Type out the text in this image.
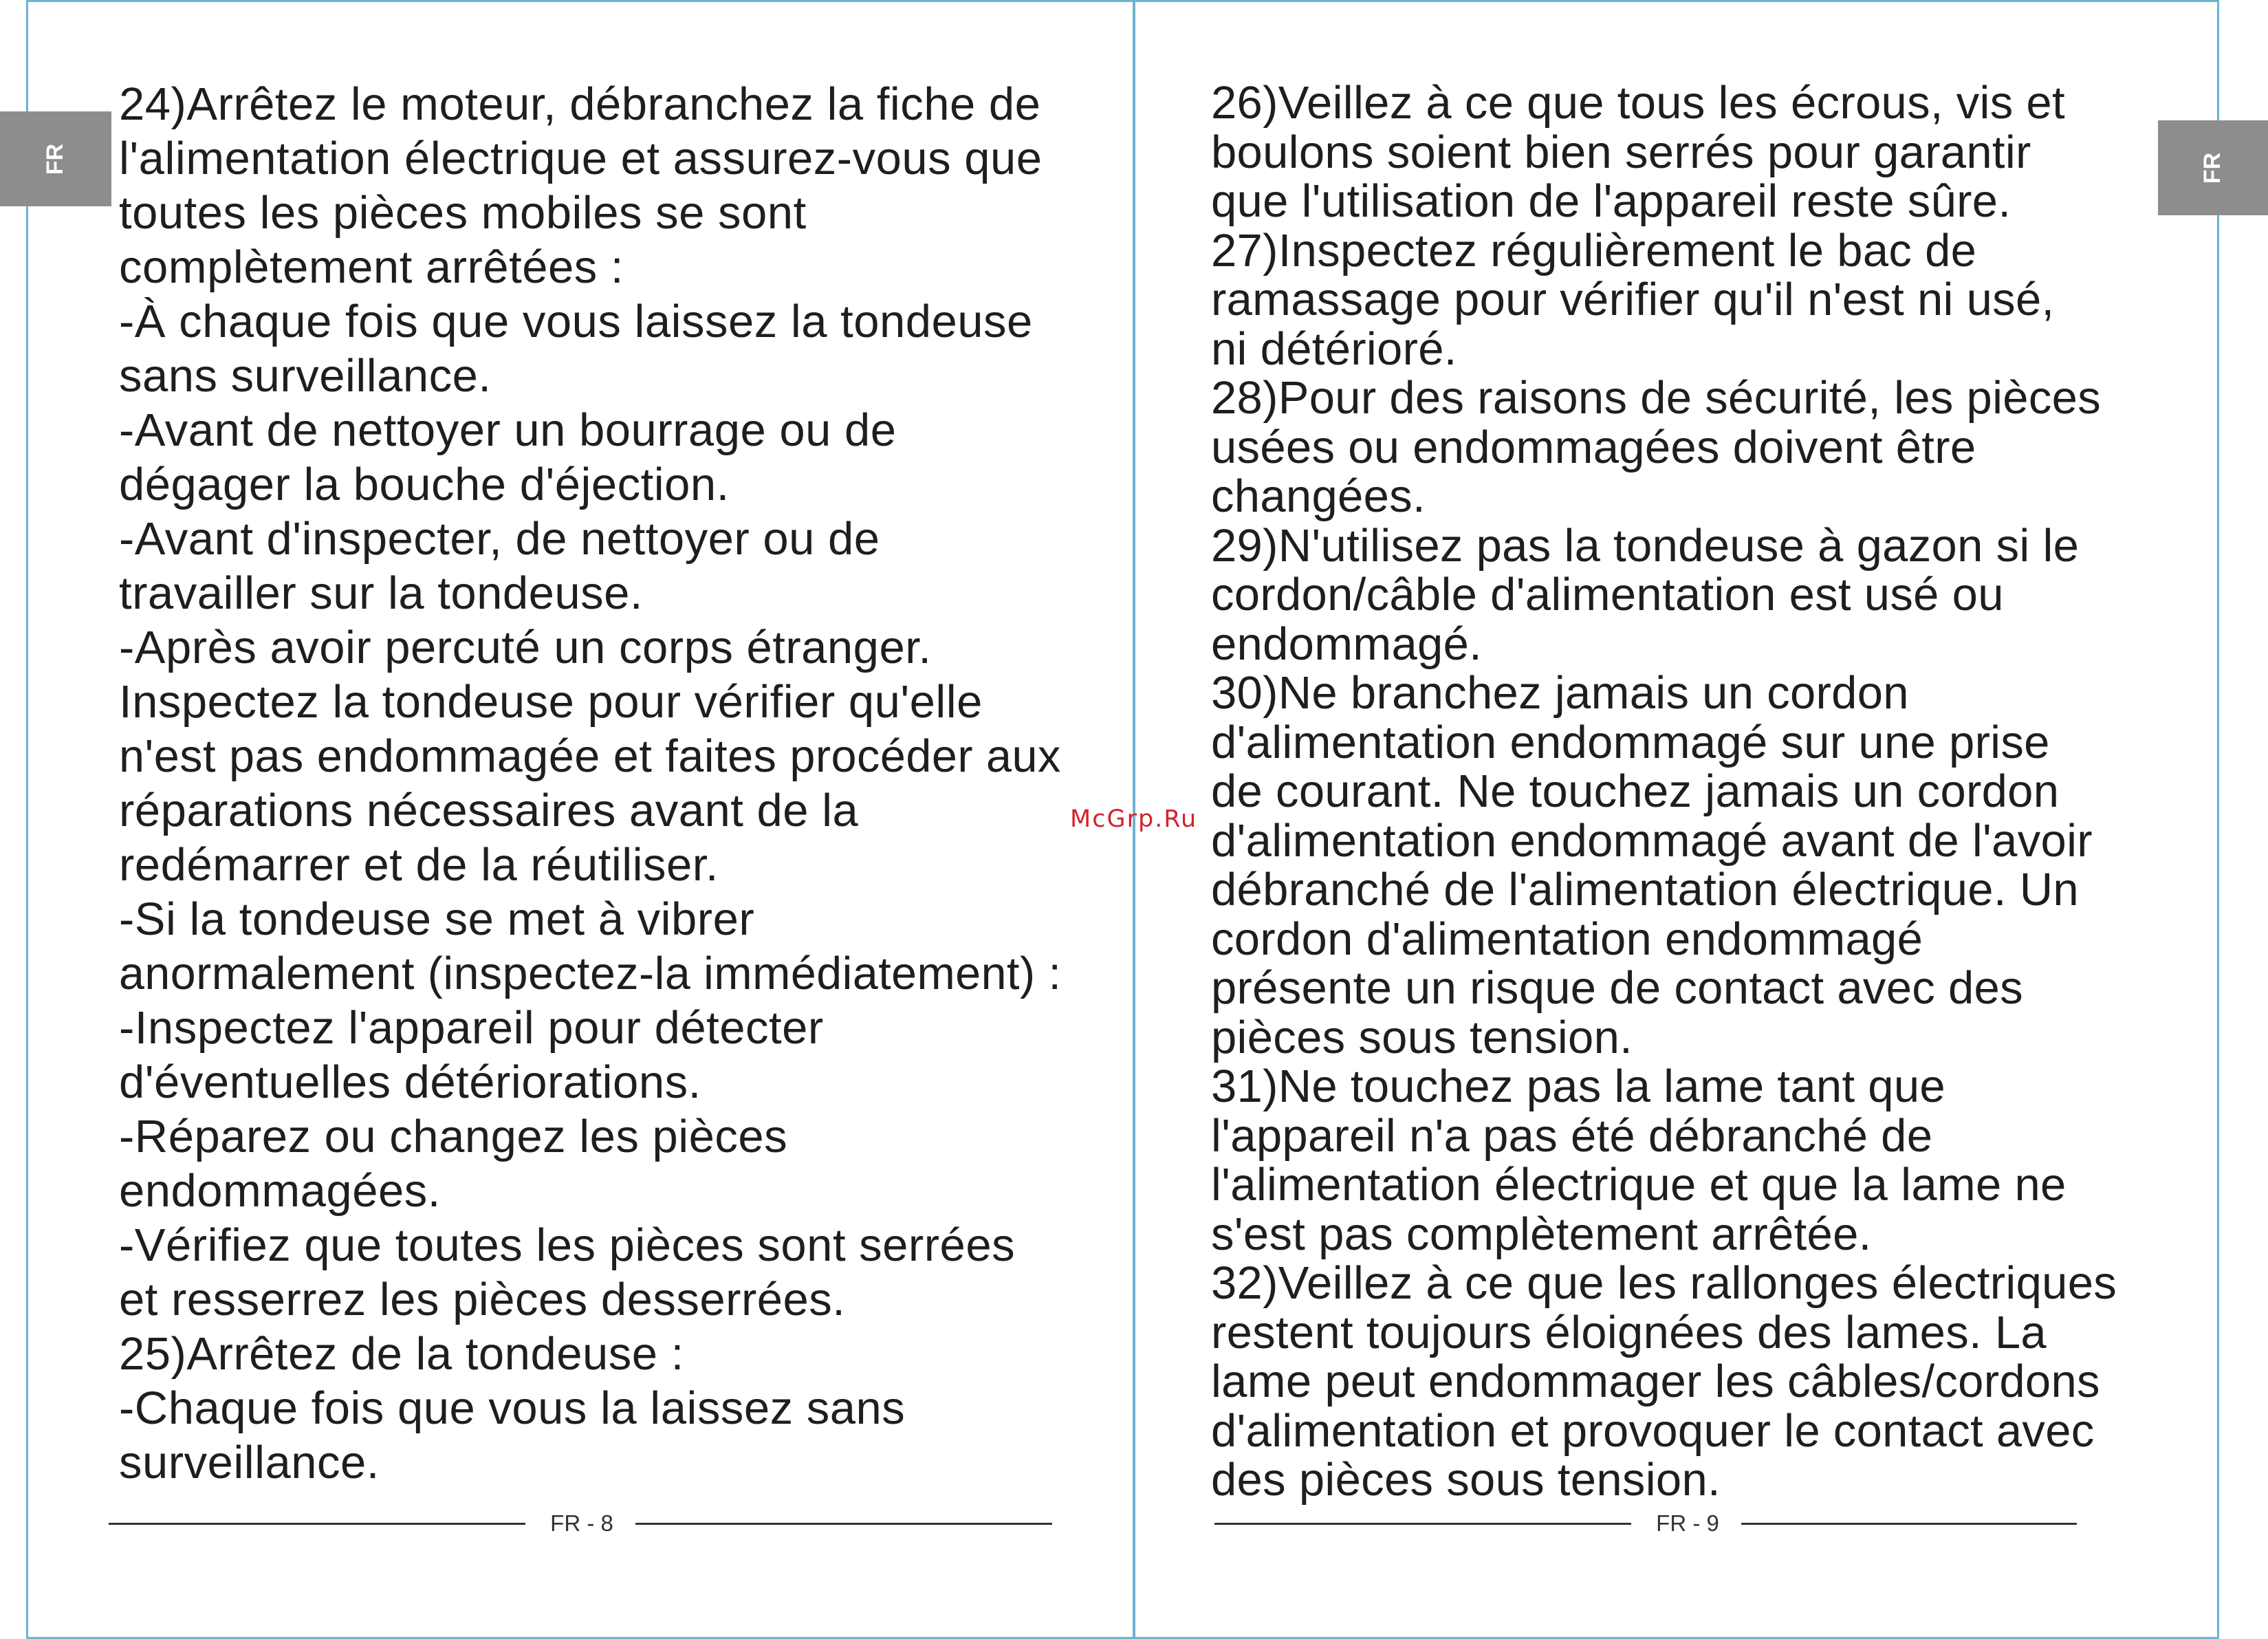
FR
24)Arrêtez le moteur, débranchez la fiche de
l'alimentation électrique et assurez-vous que
toutes les pièces mobiles se sont
complètement arrêtées :
-À chaque fois que vous laissez la tondeuse
sans surveillance.
-Avant de nettoyer un bourrage ou de
dégager la bouche d'éjection.
-Avant d'inspecter, de nettoyer ou de
travailler sur la tondeuse.
-Après avoir percuté un corps étranger.
Inspectez la tondeuse pour vérifier qu'elle
n'est pas endommagée et faites procéder aux
réparations nécessaires avant de la
redémarrer et de la réutiliser.
-Si la tondeuse se met à vibrer
anormalement (inspectez-la immédiatement) :
-Inspectez l'appareil pour détecter
d'éventuelles détériorations.
-Réparez ou changez les pièces
endommagées.
-Vérifiez que toutes les pièces sont serrées
et resserrez les pièces desserrées.
25)Arrêtez de la tondeuse :
-Chaque fois que vous la laissez sans
surveillance.
FR - 8
FR
26)Veillez à ce que tous les écrous, vis et
boulons soient bien serrés pour garantir
que l'utilisation de l'appareil reste sûre.
27)Inspectez régulièrement le bac de
ramassage pour vérifier qu'il n'est ni usé,
ni détérioré.
28)Pour des raisons de sécurité, les pièces
usées ou endommagées doivent être
changées.
29)N'utilisez pas la tondeuse à gazon si le
cordon/câble d'alimentation est usé ou
endommagé.
30)Ne branchez jamais un cordon
d'alimentation endommagé sur une prise
de courant. Ne touchez jamais un cordon
d'alimentation endommagé avant de l'avoir
débranché de l'alimentation électrique. Un
cordon d'alimentation endommagé
présente un risque de contact avec des
pièces sous tension.
31)Ne touchez pas la lame tant que
l'appareil n'a pas été débranché de
l'alimentation électrique et que la lame ne
s'est pas complètement arrêtée.
32)Veillez à ce que les rallonges électriques
restent toujours éloignées des lames. La
lame peut endommager les câbles/cordons
d'alimentation et provoquer le contact avec
des pièces sous tension.
FR - 9
McGrp.Ru
